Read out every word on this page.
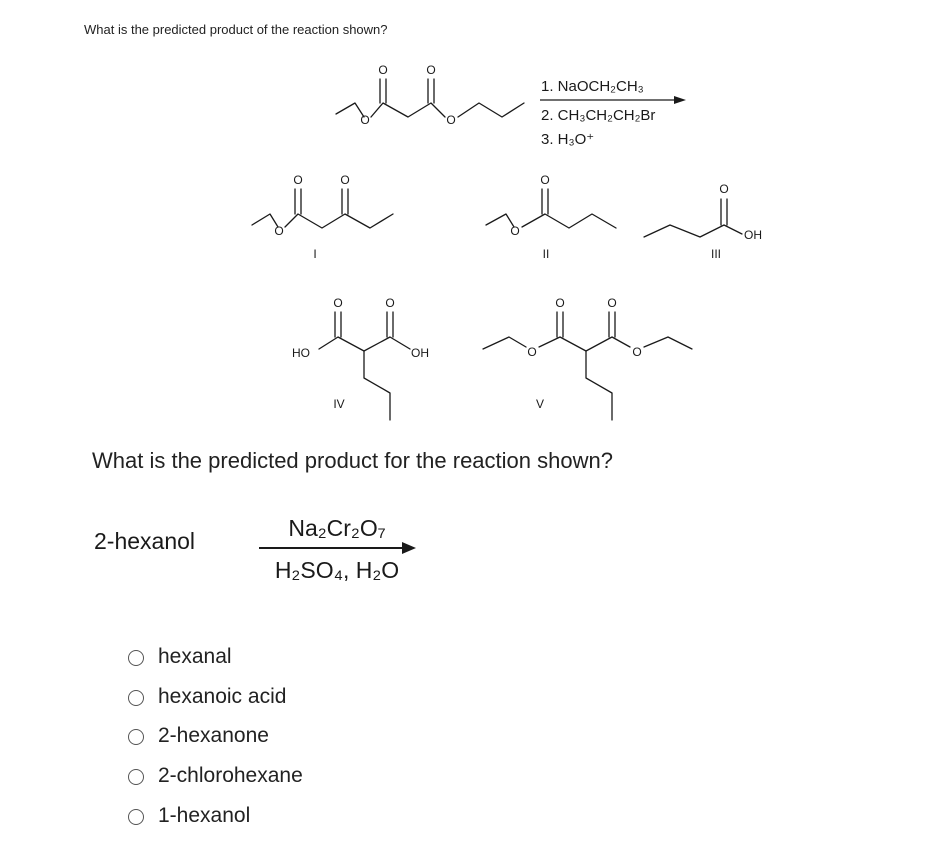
What is the predicted product of the reaction shown?
O
O	O
O
1. NaOCH₂CH₃
2. CH₃CH₂CH₂Br
3. H₃O⁺
O
O	O
I
O
O
II
O
OH
III
HO
O	O
OH
IV
O
O	O
O
V
Na₂Cr₂O₇
H₂SO₄, H₂O
What is the predicted product for the reaction shown?
2-hexanol
hexanal
hexanoic acid
2-hexanone
2-chlorohexane
1-hexanol
